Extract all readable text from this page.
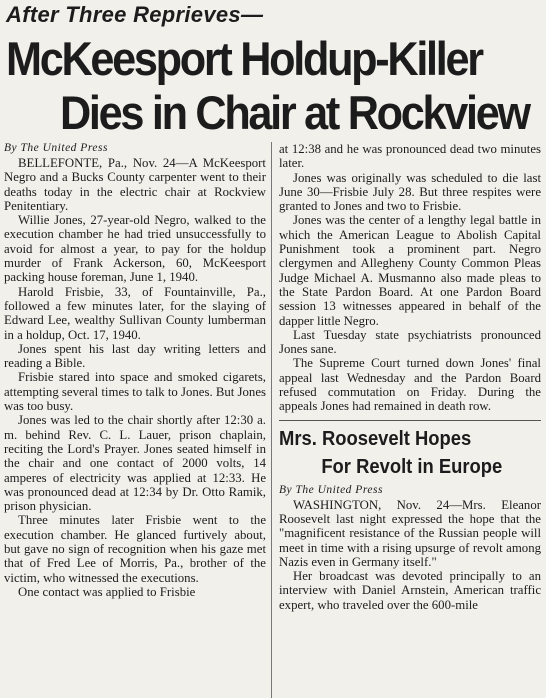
After Three Reprieves—
McKeesport Holdup-Killer
Dies in Chair at Rockview
By The United Press

BELLEFONTE, Pa., Nov. 24—A McKeesport Negro and a Bucks County carpenter went to their deaths today in the electric chair at Rockview Penitentiary.

Willie Jones, 27-year-old Negro, walked to the execution chamber he had tried unsuccessfully to avoid for almost a year, to pay for the holdup murder of Frank Ackerson, 60, McKeesport packing house foreman, June 1, 1940.

Harold Frisbie, 33, of Fountainville, Pa., followed a few minutes later, for the slaying of Edward Lee, wealthy Sullivan County lumberman in a holdup, Oct. 17, 1940.

Jones spent his last day writing letters and reading a Bible.

Frisbie stared into space and smoked cigarets, attempting several times to talk to Jones. But Jones was too busy.

Jones was led to the chair shortly after 12:30 a. m. behind Rev. C. L. Lauer, prison chaplain, reciting the Lord's Prayer. Jones seated himself in the chair and one contact of 2000 volts, 14 amperes of electricity was applied at 12:33. He was pronounced dead at 12:34 by Dr. Otto Ramik, prison physician.

Three minutes later Frisbie went to the execution chamber. He glanced furtively about, but gave no sign of recognition when his gaze met that of Fred Lee of Morris, Pa., brother of the victim, who witnessed the executions.

One contact was applied to Frisbie

at 12:38 and he was pronounced dead two minutes later.

Jones was originally was scheduled to die last June 30—Frisbie July 28. But three respites were granted to Jones and two to Frisbie.

Jones was the center of a lengthy legal battle in which the American League to Abolish Capital Punishment took a prominent part. Negro clergymen and Allegheny County Common Pleas Judge Michael A. Musmanno also made pleas to the State Pardon Board. At one Pardon Board session 13 witnesses appeared in behalf of the dapper little Negro.

Last Tuesday state psychiatrists pronounced Jones sane.

The Supreme Court turned down Jones' final appeal last Wednesday and the Pardon Board refused commutation on Friday. During the appeals Jones had remained in death row.

Mrs. Roosevelt Hopes
For Revolt in Europe
By The United Press

WASHINGTON, Nov. 24—Mrs. Eleanor Roosevelt last night expressed the hope that the "magnificent resistance of the Russian people will meet in time with a rising upsurge of revolt among Nazis even in Germany itself."

Her broadcast was devoted principally to an interview with Daniel Arnstein, American traffic expert, who traveled over the 600-mile
